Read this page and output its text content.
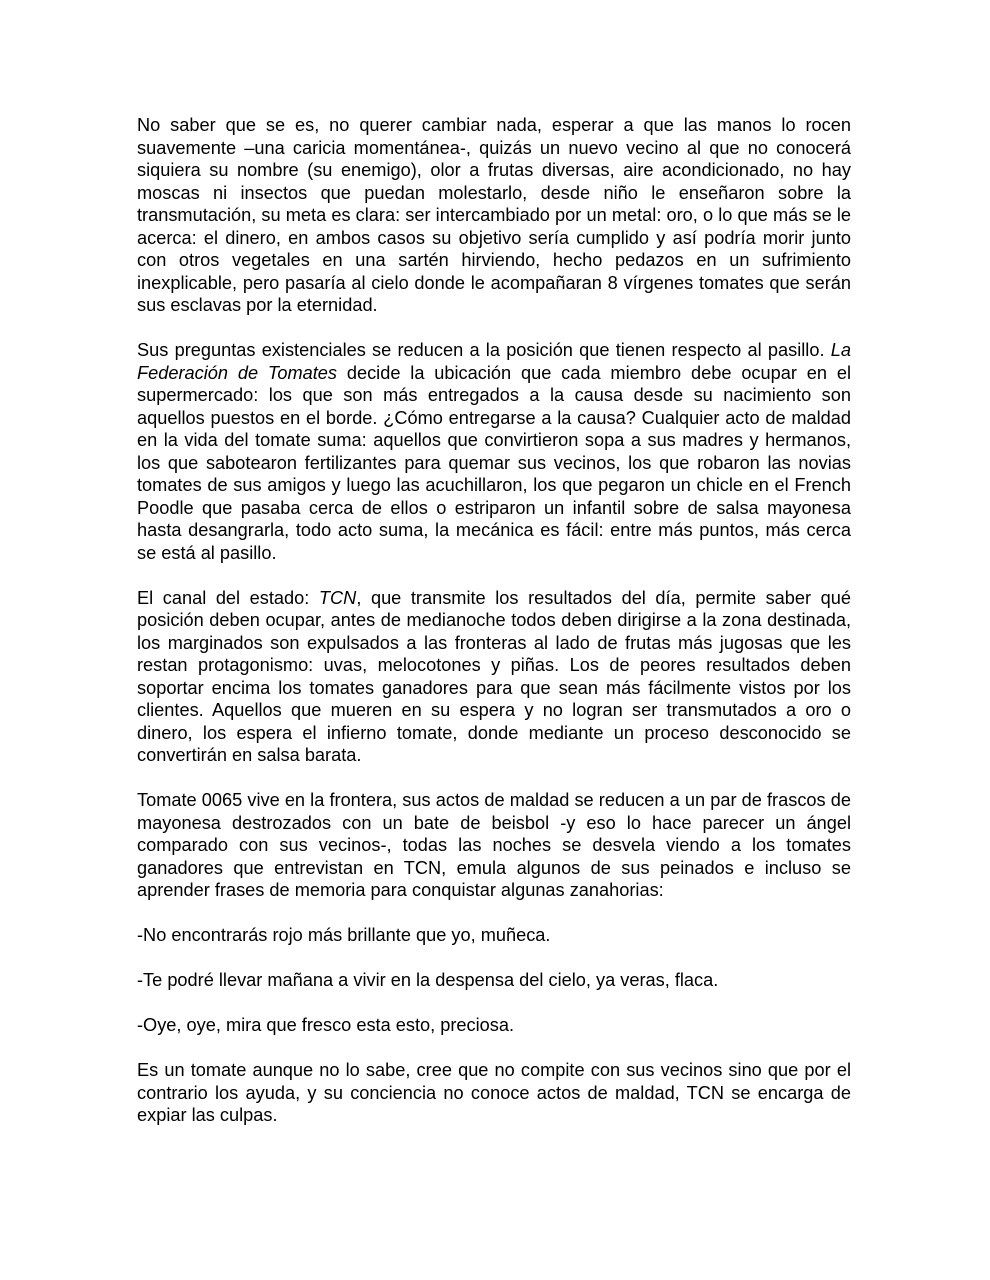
No saber que se es, no querer cambiar nada, esperar a que las manos lo rocen suavemente –una caricia momentánea-, quizás un nuevo vecino al que no conocerá siquiera su nombre (su enemigo), olor a frutas diversas, aire acondicionado, no hay moscas ni insectos que puedan molestarlo, desde niño le enseñaron sobre la transmutación, su meta es clara: ser intercambiado por un metal: oro, o lo que más se le acerca: el dinero, en ambos casos su objetivo sería cumplido y así podría morir junto con otros vegetales en una sartén hirviendo, hecho pedazos en un sufrimiento inexplicable, pero pasaría al cielo donde le acompañaran 8 vírgenes tomates que serán sus esclavas por la eternidad.

Sus preguntas existenciales se reducen a la posición que tienen respecto al pasillo. La Federación de Tomates decide la ubicación que cada miembro debe ocupar en el supermercado: los que son más entregados a la causa desde su nacimiento son aquellos puestos en el borde. ¿Cómo entregarse a la causa? Cualquier acto de maldad en la vida del tomate suma: aquellos que convirtieron sopa a sus madres y hermanos, los que sabotearon fertilizantes para quemar sus vecinos, los que robaron las novias tomates de sus amigos y luego las acuchillaron, los que pegaron un chicle en el French Poodle que pasaba cerca de ellos o estriparon un infantil sobre de salsa mayonesa hasta desangrarla, todo acto suma, la mecánica es fácil: entre más puntos, más cerca se está al pasillo.

El canal del estado: TCN, que transmite los resultados del día, permite saber qué posición deben ocupar, antes de medianoche todos deben dirigirse a la zona destinada, los marginados son expulsados a las fronteras al lado de frutas más jugosas que les restan protagonismo: uvas, melocotones y piñas. Los de peores resultados deben soportar encima los tomates ganadores para que sean más fácilmente vistos por los clientes. Aquellos que mueren en su espera y no logran ser transmutados a oro o dinero, los espera el infierno tomate, donde mediante un proceso desconocido se convertirán en salsa barata.

Tomate 0065 vive en la frontera, sus actos de maldad se reducen a un par de frascos de mayonesa destrozados con un bate de beisbol -y eso lo hace parecer un ángel comparado con sus vecinos-, todas las noches se desvela viendo a los tomates ganadores que entrevistan en TCN, emula algunos de sus peinados e incluso se aprender frases de memoria para conquistar algunas zanahorias:

-No encontrarás rojo más brillante que yo, muñeca.

-Te podré llevar mañana a vivir en la despensa del cielo, ya veras, flaca.

-Oye, oye, mira que fresco esta esto, preciosa.

Es un tomate aunque no lo sabe, cree que no compite con sus vecinos sino que por el contrario los ayuda, y su conciencia no conoce actos de maldad, TCN se encarga de expiar las culpas.
